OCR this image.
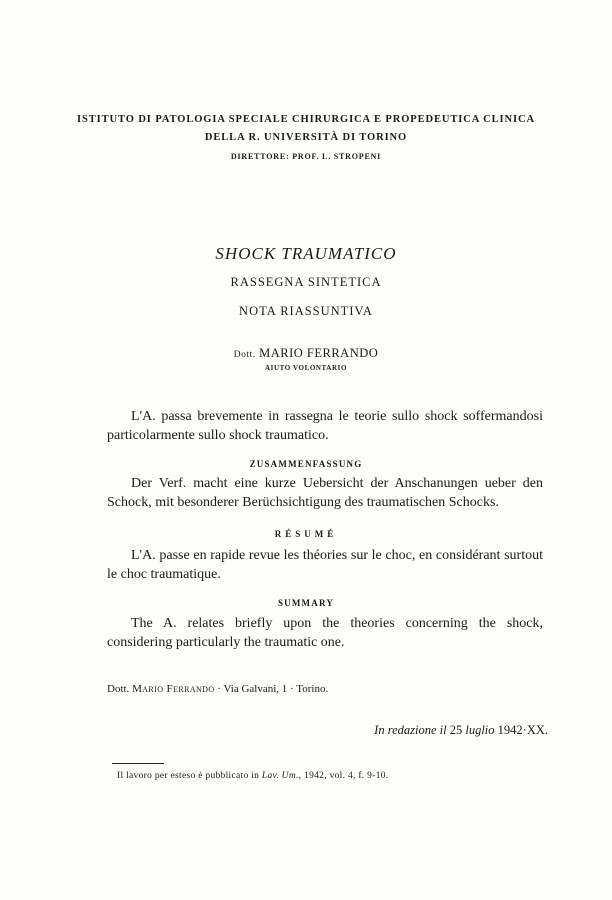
ISTITUTO DI PATOLOGIA SPECIALE CHIRURGICA E PROPEDEUTICA CLINICA
DELLA R. UNIVERSITÀ DI TORINO
DIRETTORE: PROF. L. STROPENI
SHOCK TRAUMATICO
RASSEGNA SINTETICA
NOTA RIASSUNTIVA
Dott. MARIO FERRANDO
AIUTO VOLONTARIO
L'A. passa brevemente in rassegna le teorie sullo shock soffermandosi particolarmente sullo shock traumatico.
ZUSAMMENFASSUNG
Der Verf. macht eine kurze Uebersicht der Anschanungen ueber den Schock, mit besonderer Berüchsichtigung des traumatischen Schocks.
RÉSUMÉ
L'A. passe en rapide revue les théories sur le choc, en considérant surtout le choc traumatique.
SUMMARY
The A. relates briefly upon the theories concerning the shock, considering particularly the traumatic one.
Dott. Mario Ferrando · Via Galvani, 1 · Torino.
In redazione il 25 luglio 1942·XX.
Il lavoro per esteso è pubblicato in Lav. Um., 1942, vol. 4, f. 9-10.
